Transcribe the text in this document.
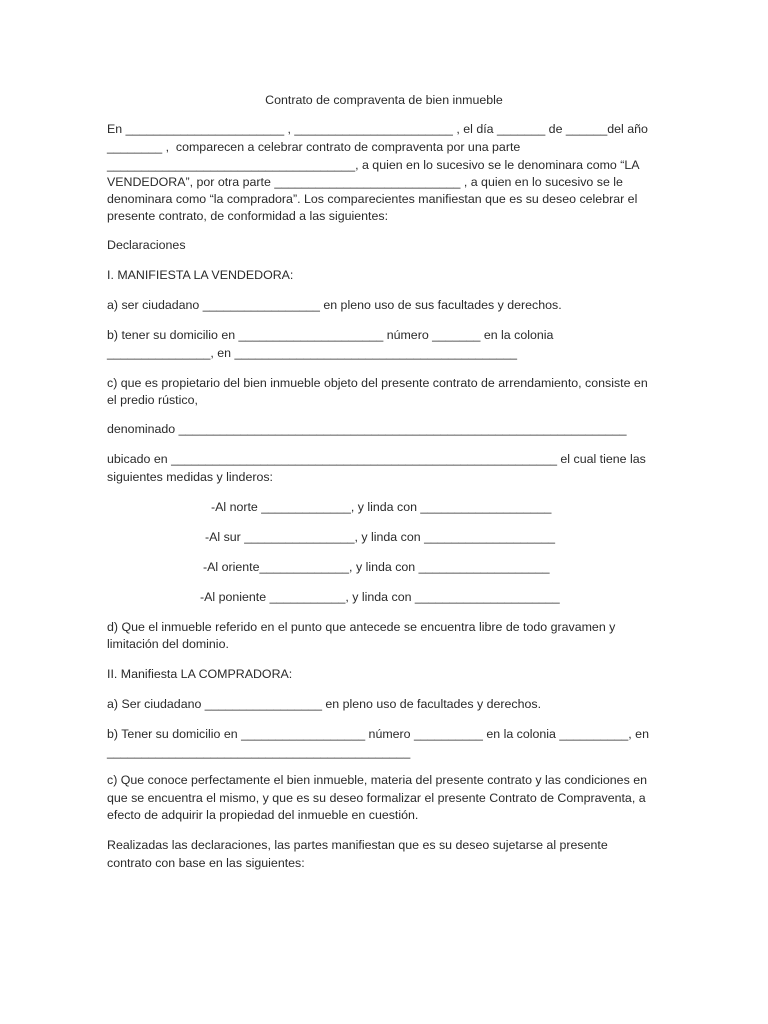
Contrato de compraventa de bien inmueble

En _______________________ , _______________________ , el día _______ de ______del año

________ ,  comparecen a celebrar contrato de compraventa por una parte

____________________________________, a quien en lo sucesivo se le denominara como “LA

VENDEDORA”, por otra parte ___________________________ , a quien en lo sucesivo se le

denominara como “la compradora”. Los comparecientes manifiestan que es su deseo celebrar el

presente contrato, de conformidad a las siguientes:

Declaraciones

I. MANIFIESTA LA VENDEDORA:

a) ser ciudadano _________________ en pleno uso de sus facultades y derechos.

b) tener su domicilio en _____________________ número _______ en la colonia

_______________, en _________________________________________

c) que es propietario del bien inmueble objeto del presente contrato de arrendamiento, consiste en

el predio rústico,

denominado _________________________________________________________________

ubicado en ________________________________________________________ el cual tiene las

siguientes medidas y linderos:

-Al norte _____________, y linda con ___________________

-Al sur ________________, y linda con ___________________

-Al oriente_____________, y linda con ___________________

-Al poniente ___________, y linda con _____________________

d) Que el inmueble referido en el punto que antecede se encuentra libre de todo gravamen y

limitación del dominio.

II. Manifiesta LA COMPRADORA:

a) Ser ciudadano _________________ en pleno uso de facultades y derechos.

b) Tener su domicilio en __________________ número __________ en la colonia __________, en

____________________________________________

c) Que conoce perfectamente el bien inmueble, materia del presente contrato y las condiciones en

que se encuentra el mismo, y que es su deseo formalizar el presente Contrato de Compraventa, a

efecto de adquirir la propiedad del inmueble en cuestión.

Realizadas las declaraciones, las partes manifiestan que es su deseo sujetarse al presente

contrato con base en las siguientes:
